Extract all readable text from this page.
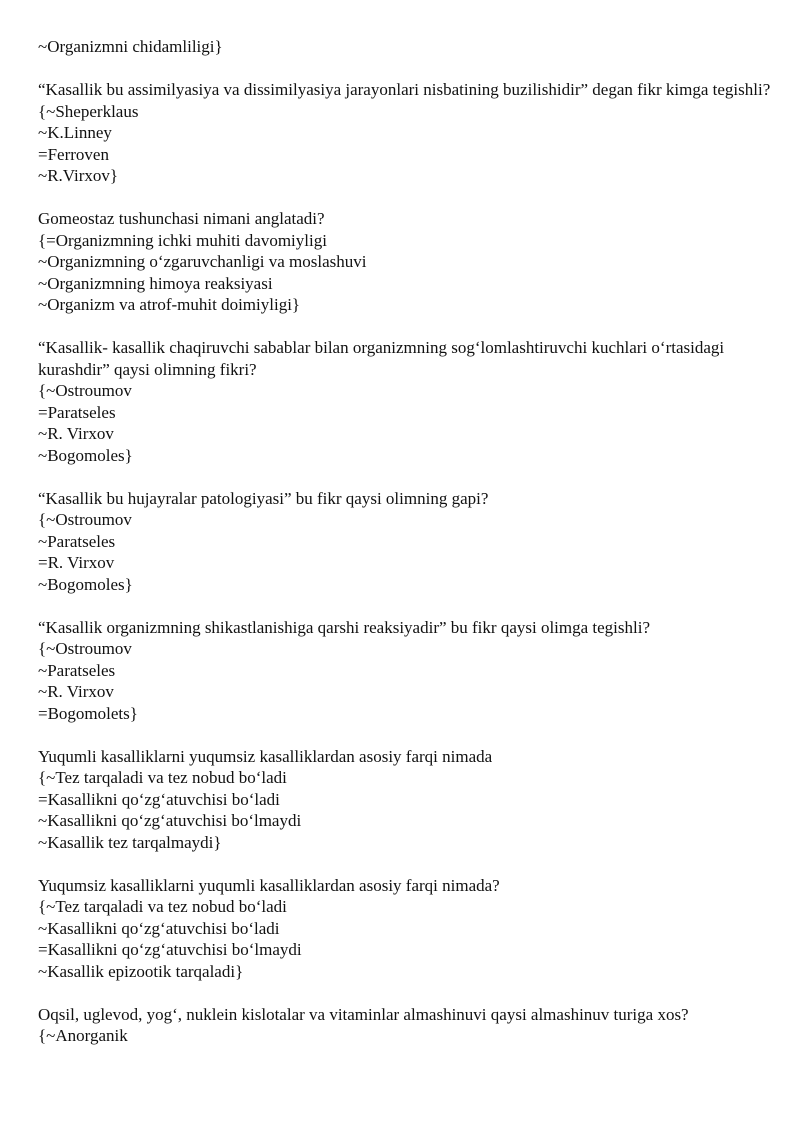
~Organizmni chidamliligi}
“Kasallik bu assimilyasiya va dissimilyasiya jarayonlari nisbatining buzilishidir” degan fikr kimga tegishli?
{~Sheperklaus
~K.Linney
=Ferroven
~R.Virxov}
Gomeostaz tushunchasi nimani anglatadi?
{=Organizmning ichki muhiti davomiyligi
~Organizmning o‘zgaruvchanligi va moslashuvi
~Organizmning himoya reaksiyasi
~Organizm va atrof-muhit doimiyligi}
“Kasallik- kasallik chaqiruvchi sabablar bilan organizmning sog‘lomlashtiruvchi kuchlari o‘rtasidagi kurashdir” qaysi olimning fikri?
{~Ostroumov
=Paratseles
~R. Virxov
~Bogomoles}
“Kasallik bu hujayralar patologiyasi” bu fikr qaysi olimning gapi?
{~Ostroumov
~Paratseles
=R. Virxov
~Bogomoles}
“Kasallik organizmning shikastlanishiga qarshi reaksiyadir” bu fikr qaysi olimga tegishli?
{~Ostroumov
~Paratseles
~R. Virxov
=Bogomolets}
Yuqumli kasalliklarni yuqumsiz kasalliklardan asosiy farqi nimada
{~Tez tarqaladi va tez nobud bo‘ladi
=Kasallikni qo‘zg‘atuvchisi bo‘ladi
~Kasallikni qo‘zg‘atuvchisi bo‘lmaydi
~Kasallik tez tarqalmaydi}
Yuqumsiz kasalliklarni yuqumli kasalliklardan asosiy farqi nimada?
{~Tez tarqaladi va tez nobud bo‘ladi
~Kasallikni qo‘zg‘atuvchisi bo‘ladi
=Kasallikni qo‘zg‘atuvchisi bo‘lmaydi
~Kasallik epizootik tarqaladi}
Oqsil, uglevod, yog‘, nuklein kislotalar va vitaminlar almashinuvi qaysi almashinuv turiga xos?
{~Anorganik
